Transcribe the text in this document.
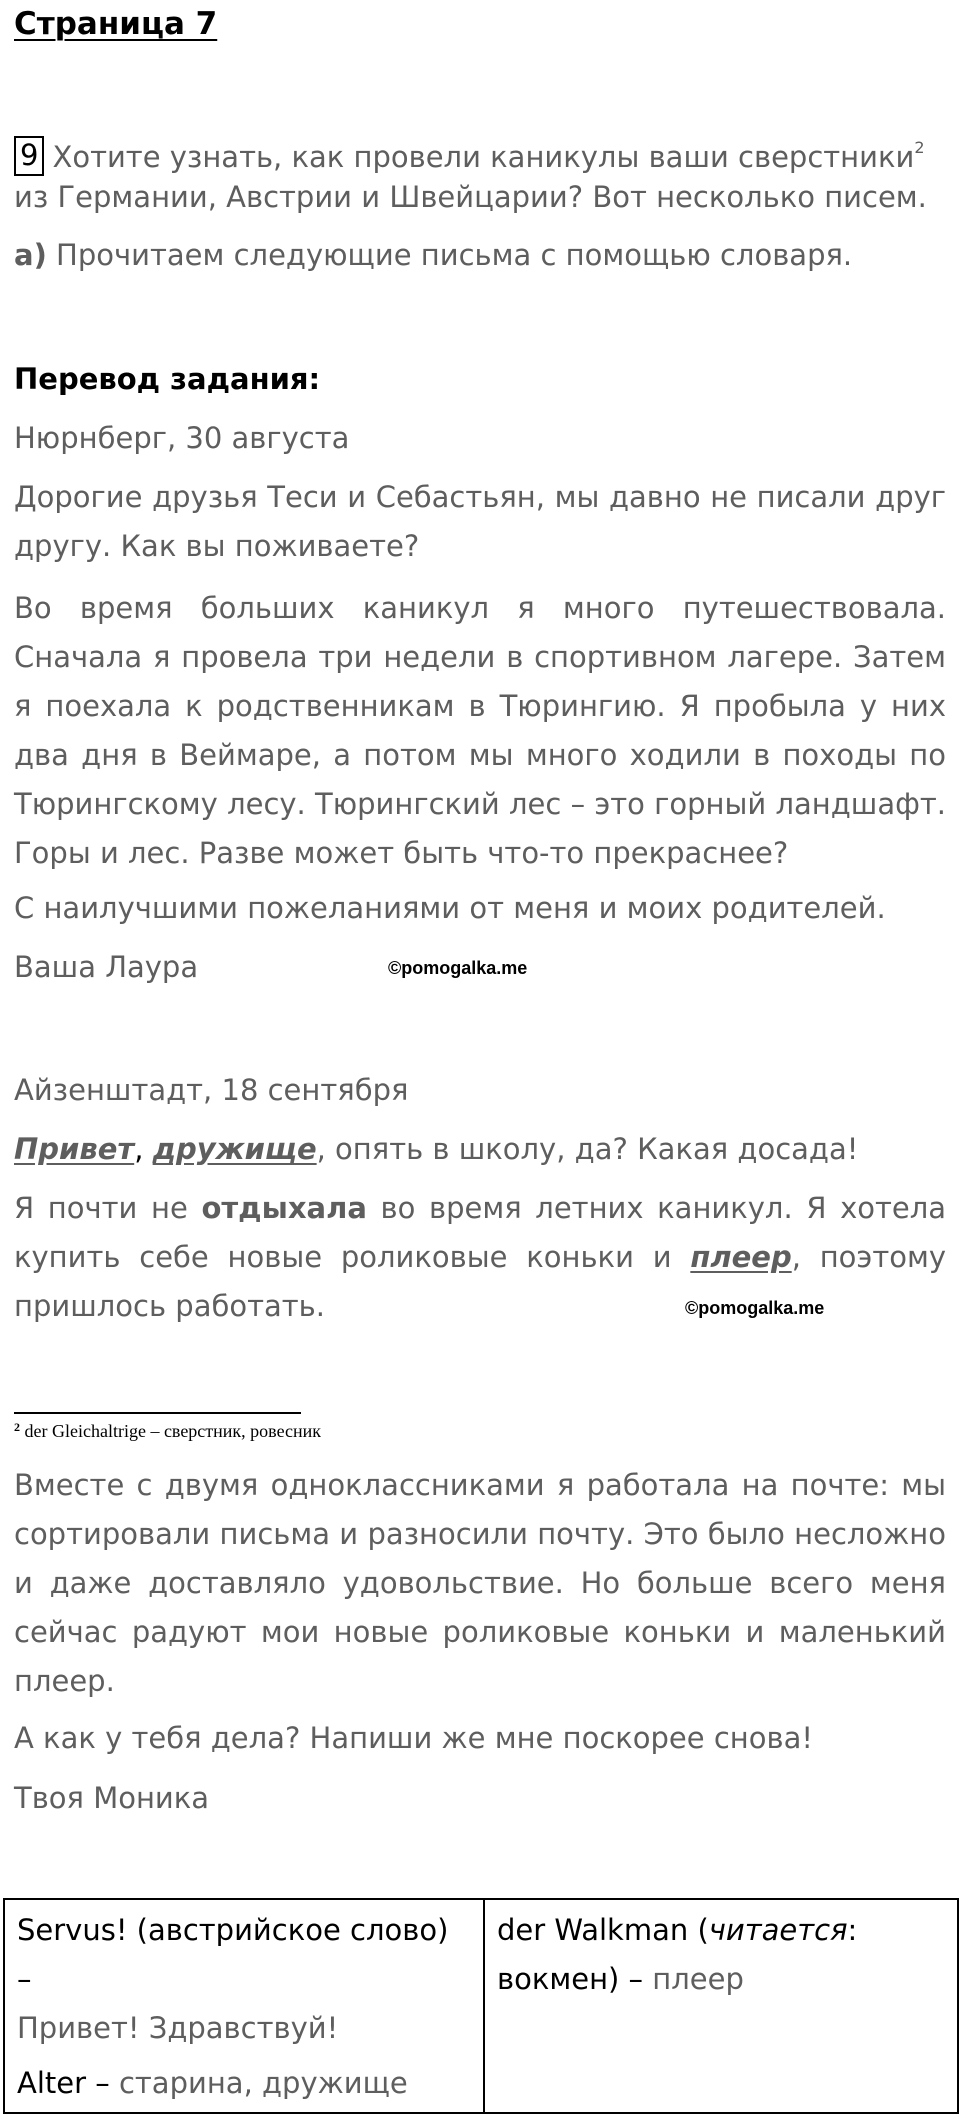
Страница 7

9 Хотите узнать, как провели каникулы ваши сверстники$^2$

из Германии, Австрии и Швейцарии? Вот несколько писем.

а) Прочитаем следующие письма с помощью словаря.

Перевод задания:

Нюрнберг, 30 августа

Дорогие друзья Теси и Себастьян, мы давно не писали друг другу. Как вы поживаете?

Во время больших каникул я много путешествовала. Сначала я провела три недели в спортивном лагере. Затем я поехала к родственникам в Тюрингию. Я пробыла у них два дня в Веймаре, а потом мы много ходили в походы по Тюрингскому лесу. Тюрингский лес – это горный ландшафт. Горы и лес. Разве может быть что-то прекраснее?

С наилучшими пожеланиями от меня и моих родителей.

Ваша Лаура	©pomogalka.me

Айзенштадт, 18 сентября

Привет, дружище, опять в школу, да? Какая досада!

Я почти не отдыхала во время летних каникул. Я хотела купить себе новые роликовые коньки и плеер, поэтому пришлось работать.	©pomogalka.me
$^2$ der Gleichaltrige – сверстник, ровесник

Вместе с двумя одноклассниками я работала на почте: мы сортировали письма и разносили почту. Это было несложно и даже доставляло удовольствие. Но больше всего меня сейчас радуют мои новые роликовые коньки и маленький плеер.

А как у тебя дела? Напиши же мне поскорее снова!

Твоя Моника

Servus! (австрийское слово) –
Привет! Здравствуй!
Alter – старина, дружище

der Walkman (читается:
вокмен) – плеер
